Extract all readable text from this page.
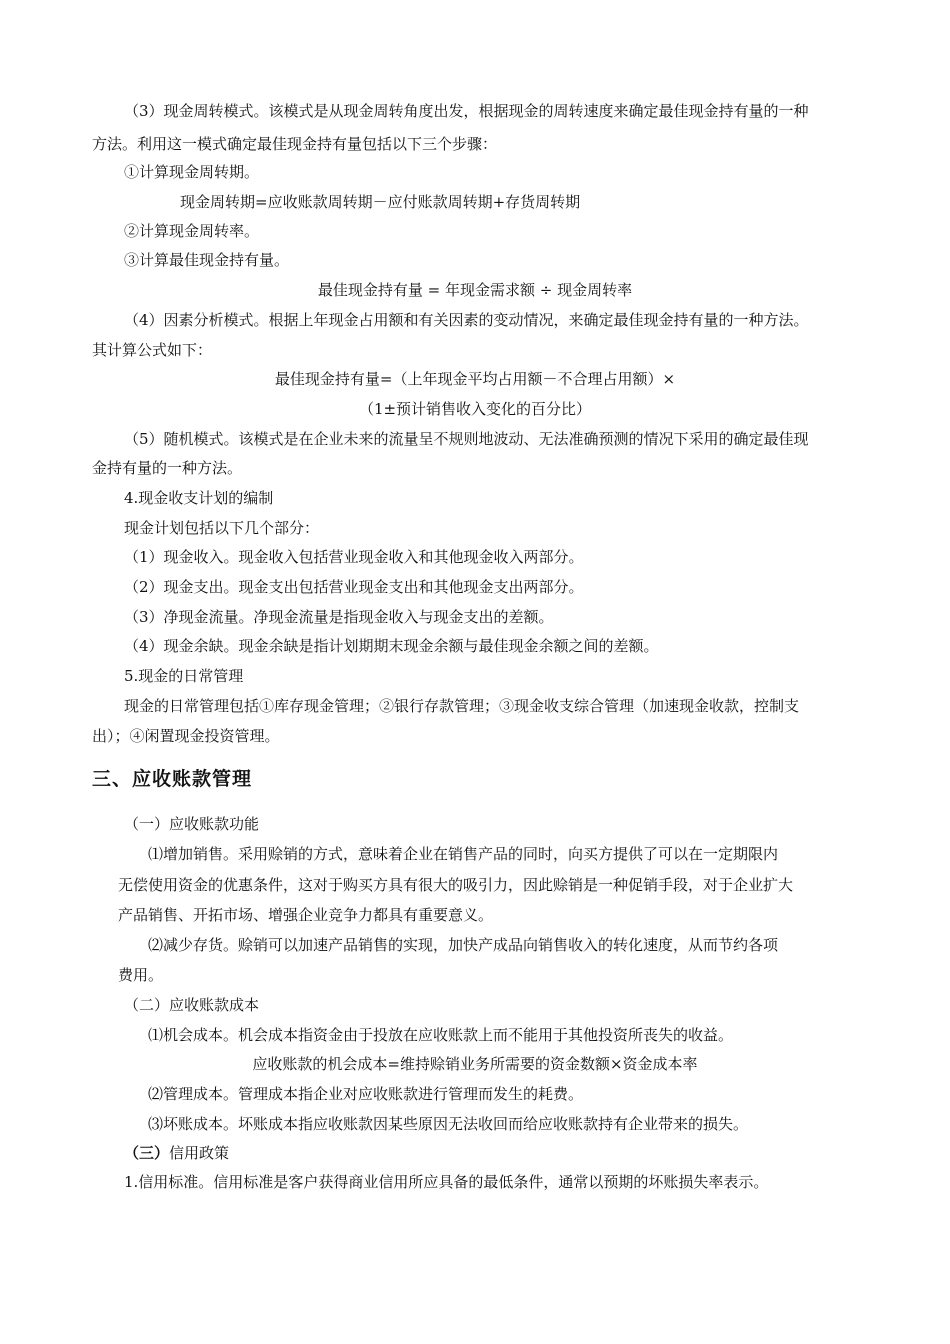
（3）现金周转模式。该模式是从现金周转角度出发，根据现金的周转速度来确定最佳现金持有量的一种
方法。利用这一模式确定最佳现金持有量包括以下三个步骤：
①计算现金周转期。
现金周转期=应收账款周转期－应付账款周转期+存货周转期
②计算现金周转率。
③计算最佳现金持有量。
最佳现金持有量 = 年现金需求额 ÷ 现金周转率
（4）因素分析模式。根据上年现金占用额和有关因素的变动情况，来确定最佳现金持有量的一种方法。
其计算公式如下：
最佳现金持有量=（上年现金平均占用额－不合理占用额）×
（1±预计销售收入变化的百分比）
（5）随机模式。该模式是在企业未来的流量呈不规则地波动、无法准确预测的情况下采用的确定最佳现
金持有量的一种方法。
4.现金收支计划的编制
现金计划包括以下几个部分：
（1）现金收入。现金收入包括营业现金收入和其他现金收入两部分。
（2）现金支出。现金支出包括营业现金支出和其他现金支出两部分。
（3）净现金流量。净现金流量是指现金收入与现金支出的差额。
（4）现金余缺。现金余缺是指计划期期末现金余额与最佳现金余额之间的差额。
5.现金的日常管理
现金的日常管理包括①库存现金管理；②银行存款管理；③现金收支综合管理（加速现金收款，控制支
出）；④闲置现金投资管理。
三、应收账款管理
（一）应收账款功能
⑴增加销售。采用赊销的方式，意味着企业在销售产品的同时，向买方提供了可以在一定期限内
无偿使用资金的优惠条件，这对于购买方具有很大的吸引力，因此赊销是一种促销手段，对于企业扩大
产品销售、开拓市场、增强企业竞争力都具有重要意义。
⑵减少存货。赊销可以加速产品销售的实现，加快产成品向销售收入的转化速度，从而节约各项
费用。
（二）应收账款成本
⑴机会成本。机会成本指资金由于投放在应收账款上而不能用于其他投资所丧失的收益。
应收账款的机会成本=维持赊销业务所需要的资金数额×资金成本率
⑵管理成本。管理成本指企业对应收账款进行管理而发生的耗费。
⑶坏账成本。坏账成本指应收账款因某些原因无法收回而给应收账款持有企业带来的损失。
（三）信用政策
1.信用标准。信用标准是客户获得商业信用所应具备的最低条件，通常以预期的坏账损失率表示。
